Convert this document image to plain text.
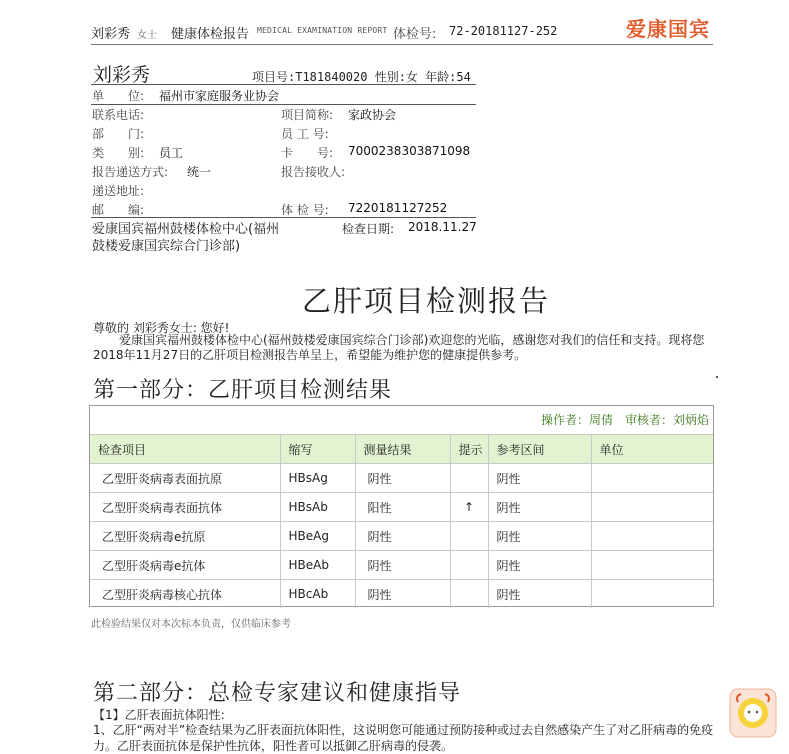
刘彩秀 女士 健康体检报告 MEDICAL EXAMINATION REPORT 体检号: 72-20181127-252	爱康国宾
刘彩秀	项目号:T181840020 性别:女 年龄:54
单　　位: 福州市家庭服务业协会
联系电话:	项目简称: 家政协会
部　　门:	员 工 号:
类　　别: 员工	卡　　号: 7000238303871098
报告递送方式: 统一	报告接收人:
递送地址:
邮　　编:	体 检 号: 7220181127252
爱康国宾福州鼓楼体检中心(福州鼓楼爱康国宾综合门诊部)
检查日期: 2018.11.27
乙肝项目检测报告
尊敬的 刘彩秀女士: 您好!
爱康国宾福州鼓楼体检中心(福州鼓楼爱康国宾综合门诊部)欢迎您的光临，感谢您对我们的信任和支持。现将您2018年11月27日的乙肝项目检测报告单呈上，希望能为维护您的健康提供参考。
第一部分：乙肝项目检测结果
操作者：周倩　审核者：刘炳焰
检查项目	缩写	测量结果	提示	参考区间	单位
乙型肝炎病毒表面抗原	HBsAg	阴性		阴性	
乙型肝炎病毒表面抗体	HBsAb	阳性	↑	阴性	
乙型肝炎病毒e抗原	HBeAg	阴性		阴性	
乙型肝炎病毒e抗体	HBeAb	阴性		阴性	
乙型肝炎病毒核心抗体	HBcAb	阴性		阴性	
此检验结果仅对本次标本负责，仅供临床参考
第二部分：总检专家建议和健康指导
【1】乙肝表面抗体阳性:
1、乙肝“两对半”检查结果为乙肝表面抗体阳性，这说明您可能通过预防接种或过去自然感染产生了对乙肝病毒的免疫力。乙肝表面抗体是保护性抗体，阳性者可以抵御乙肝病毒的侵袭。
